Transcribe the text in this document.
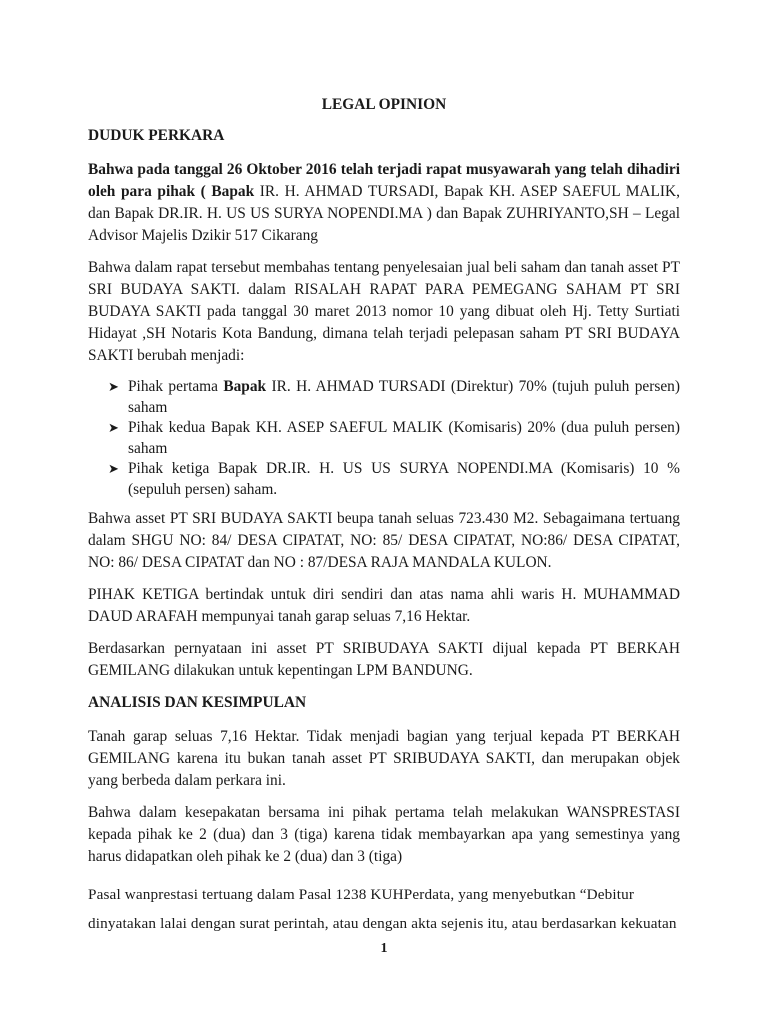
LEGAL OPINION
DUDUK PERKARA

Bahwa pada tanggal 26 Oktober 2016 telah terjadi rapat musyawarah yang telah dihadiri oleh para pihak ( Bapak IR. H. AHMAD TURSADI, Bapak KH. ASEP SAEFUL MALIK, dan Bapak DR.IR. H. US US SURYA NOPENDI.MA ) dan Bapak ZUHRIYANTO,SH – Legal Advisor Majelis Dzikir 517 Cikarang

Bahwa dalam rapat tersebut membahas tentang penyelesaian jual beli saham dan tanah asset PT SRI BUDAYA SAKTI. dalam RISALAH RAPAT PARA PEMEGANG SAHAM PT SRI BUDAYA SAKTI pada tanggal 30 maret 2013 nomor 10 yang dibuat oleh Hj. Tetty Surtiati Hidayat ,SH Notaris Kota Bandung, dimana telah terjadi pelepasan saham PT SRI BUDAYA SAKTI berubah menjadi:

➤ Pihak pertama Bapak IR. H. AHMAD TURSADI (Direktur) 70% (tujuh puluh persen) saham
➤ Pihak kedua Bapak KH. ASEP SAEFUL MALIK (Komisaris) 20% (dua puluh persen) saham
➤ Pihak ketiga Bapak DR.IR. H. US US SURYA NOPENDI.MA (Komisaris) 10 % (sepuluh persen) saham.

Bahwa asset PT SRI BUDAYA SAKTI beupa tanah seluas 723.430 M2. Sebagaimana tertuang dalam SHGU NO: 84/ DESA CIPATAT, NO: 85/ DESA CIPATAT, NO:86/ DESA CIPATAT, NO: 86/ DESA CIPATAT dan NO : 87/DESA RAJA MANDALA KULON.

PIHAK KETIGA bertindak untuk diri sendiri dan atas nama ahli waris H. MUHAMMAD DAUD ARAFAH mempunyai tanah garap seluas 7,16 Hektar.

Berdasarkan pernyataan ini asset PT SRIBUDAYA SAKTI dijual kepada PT BERKAH GEMILANG dilakukan untuk kepentingan LPM BANDUNG.

ANALISIS DAN KESIMPULAN

Tanah garap seluas 7,16 Hektar. Tidak menjadi bagian yang terjual kepada PT BERKAH GEMILANG karena itu bukan tanah asset PT SRIBUDAYA SAKTI, dan merupakan objek yang berbeda dalam perkara ini.

Bahwa dalam kesepakatan bersama ini pihak pertama telah melakukan WANSPRESTASI kepada pihak ke 2 (dua) dan 3 (tiga) karena tidak membayarkan apa yang semestinya yang harus didapatkan oleh pihak ke 2 (dua) dan 3 (tiga)

Pasal wanprestasi tertuang dalam Pasal 1238 KUHPerdata, yang menyebutkan “Debitur
dinyatakan lalai dengan surat perintah, atau dengan akta sejenis itu, atau berdasarkan kekuatan
1
